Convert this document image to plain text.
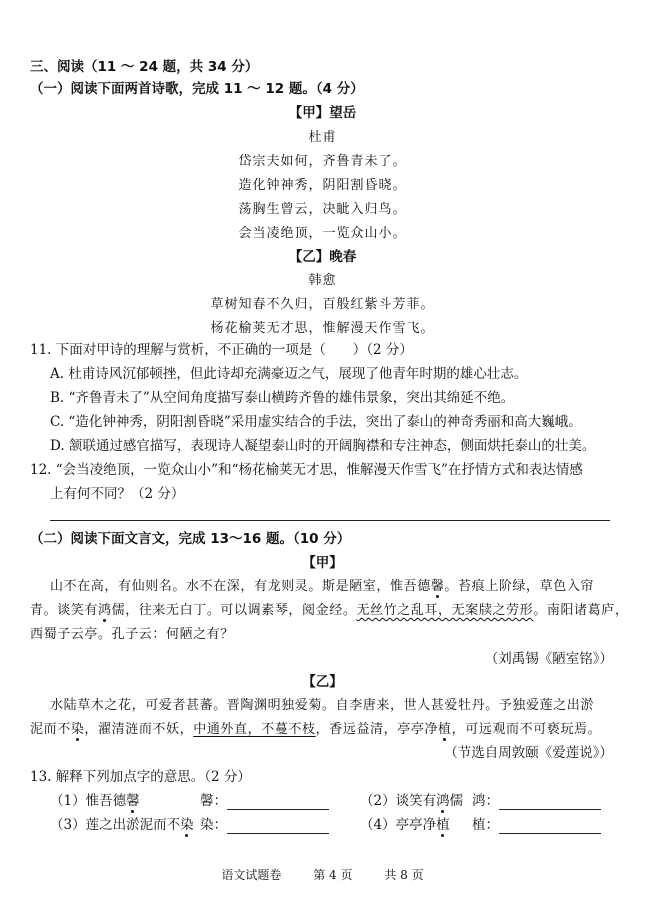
三、阅读（11 ～ 24 题，共 34 分）
（一）阅读下面两首诗歌，完成 11 ～ 12 题。（4 分）
【甲】望岳
杜甫
岱宗夫如何，齐鲁青未了。
造化钟神秀，阴阳割昏晓。
荡胸生曾云，决眦入归鸟。
会当凌绝顶，一览众山小。
【乙】晚春
韩愈
草树知春不久归，百般红紫斗芳菲。
杨花榆荚无才思，惟解漫天作雪飞。
11. 下面对甲诗的理解与赏析，不正确的一项是（　　）（2 分）
A. 杜甫诗风沉郁顿挫，但此诗却充满豪迈之气，展现了他青年时期的雄心壮志。
B. “齐鲁青未了”从空间角度描写泰山横跨齐鲁的雄伟景象，突出其绵延不绝。
C. “造化钟神秀，阴阳割昏晓”采用虚实结合的手法，突出了泰山的神奇秀丽和高大巍峨。
D. 颔联通过感官描写，表现诗人凝望泰山时的开阔胸襟和专注神态，侧面烘托泰山的壮美。
12. “会当凌绝顶，一览众山小”和“杨花榆荚无才思，惟解漫天作雪飞”在抒情方式和表达情感
上有何不同？（2 分）
（二）阅读下面文言文，完成 13～16 题。（10 分）
【甲】
山不在高，有仙则名。水不在深，有龙则灵。斯是陋室，惟吾德馨。苔痕上阶绿，草色入帘
青。谈笑有鸿儒，往来无白丁。可以调素琴，阅金经。无丝竹之乱耳，无案牍之劳形。南阳诸葛庐，
西蜀子云亭。孔子云：何陋之有？
（刘禹锡《陋室铭》）
【乙】
水陆草木之花，可爱者甚蕃。晋陶渊明独爱菊。自李唐来，世人甚爱牡丹。予独爱莲之出淤
泥而不染，濯清涟而不妖，中通外直，不蔓不枝，香远益清，亭亭净植，可远观而不可亵玩焉。
（节选自周敦颐《爱莲说》）
13. 解释下列加点字的意思。（2 分）
（1）惟吾德馨	馨：	（2）谈笑有鸿儒 鸿：
（3）莲之出淤泥而不染 染：	（4）亭亭净植 植：
语文试题卷	第 4 页	共 8 页
